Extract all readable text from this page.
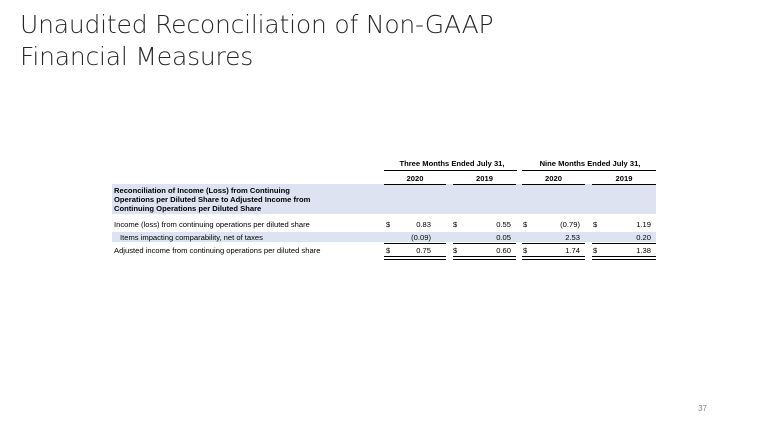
Unaudited Reconciliation of Non-GAAP
Financial Measures
Three Months Ended July 31,	Nine Months Ended July 31,
2020	2019	2020	2019
Reconciliation of Income (Loss) from Continuing
Operations per Diluted Share to Adjusted Income from
Continuing Operations per Diluted Share
Income (loss) from continuing operations per diluted share	$	0.83	$	0.55 $	(0.79) $	1.19
Items impacting comparability, net of taxes	(0.09)	0.05	2.53	0.20
Adjusted income from continuing operations per diluted share	$	0.75	$	0.60 $	1.74 $	1.38
37
